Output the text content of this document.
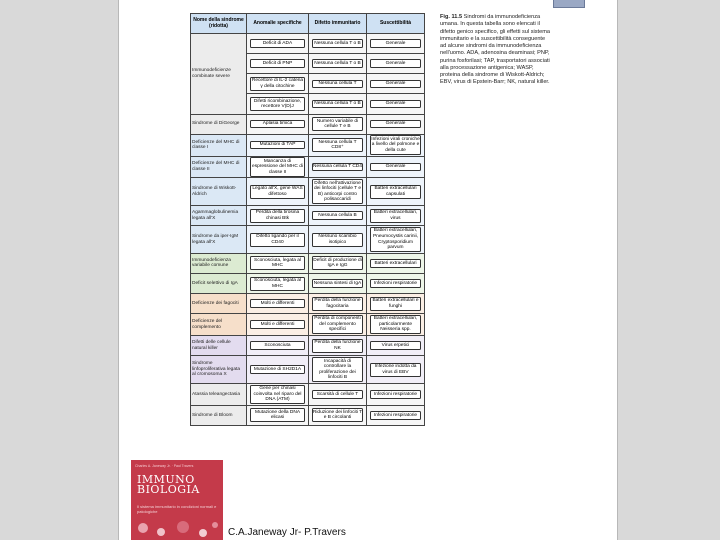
Nome della sindrome (ridotta)	Anomalie specifiche	Difetto immunitario	Suscettibilità
Immunodeficienze combinate severe	Deficit di ADA	Nessuna cellula T o B	Generale

	Deficit di PNP	Nessuna cellula T o B	Generale

	Recettore di IL-2 catena γ della citochine	Nessuna cellula T	Generale

	Difetti ricombinazione, recettore V(D)J	Nessuna cellula T o B	Generale

Sindrome di DiGeorge	Aplasia timica	Numero variabile di cellule T e B	Generale

Deficienze del MHC di classe I	Mutazioni di TAP	Nessuna cellula T CD8⁺	Infezioni virali croniche a livello del polmone e della cute

Deficienze del MHC di classe II	Mancanza di espressione del MHC di classe II	Nessuna cellula T CD4	Generale

Sindrome di Wiskott-Aldrich	Legato all'X, gene WAS difettoso	Difetto nell'attivazione dei linfociti (cellule T e B) anticorpi contro polisaccaridi	Batteri extracellulari capsulati

Agammaglobulinemia legata all'X	Perdita della tirosina chinasi Btk	Nessuna cellula B	Batteri extracellulari, virus

Sindrome da iper-IgM legata all'X	Difetto ligando per il CD40	Nessuno scambio isotipico	Batteri extracellulari, Pneumocystis carinii, Cryptosporidium parvum

Immunodeficienza variabile comune	Sconosciuta, legata al MHC	Deficit di produzione di IgA e IgG	Batteri extracellulari

Deficit selettivo di IgA	Sconosciuta, legata al MHC	Nessuna sintesi di IgA	Infezioni respiratorie

Deficienze dei fagociti	Molti e differenti	Perdita della funzione fagocitaria	Batteri extracellulari e funghi

Deficienze del complemento	Molti e differenti	Perdita di componenti del complemento specifici	Batteri extracellulari, particolarmente Neisseria spp.

Difetti delle cellule natural killer	Sconosciuta	Perdita della funzione NK	Virus erpetici

Sindrome linfoproliferativa legata al cromosoma X	Mutazione di SH2D1A	Incapacità di controllare la proliferazione dei linfociti B	Infezione indotta da virus di EBV

Atassia teleangectasia	Gene per chinasi coinvolta nel riparo del DNA (ATM)	Scarsità di cellule T	Infezioni respiratorie

Sindrome di Bloom	Mutazione della DNA elicasi	Riduzione dei linfociti T e B circolanti	Infezioni respiratorie
Fig. 11.5 Sindromi da immunodeficienza umana. In questa tabella sono elencati il difetto genico specifico, gli effetti sul sistema immunitario e la suscettibilità conseguente ad alcune sindromi da immunodeficienza nell'uomo. ADA, adenosina deaminasi; PNP, purina fosforilasi; TAP, trasportatori associati alla processazione antigenica; WASP, proteina della sindrome di Wiskott-Aldrich; EBV, virus di Epstein-Barr; NK, natural killer.
Charles A. Janeway Jr. · Paul Travers
IMMUNO
BIOLOGIA
Il sistema immunitario in condizioni normali e patologiche
C.A.Janeway Jr- P.Travers
